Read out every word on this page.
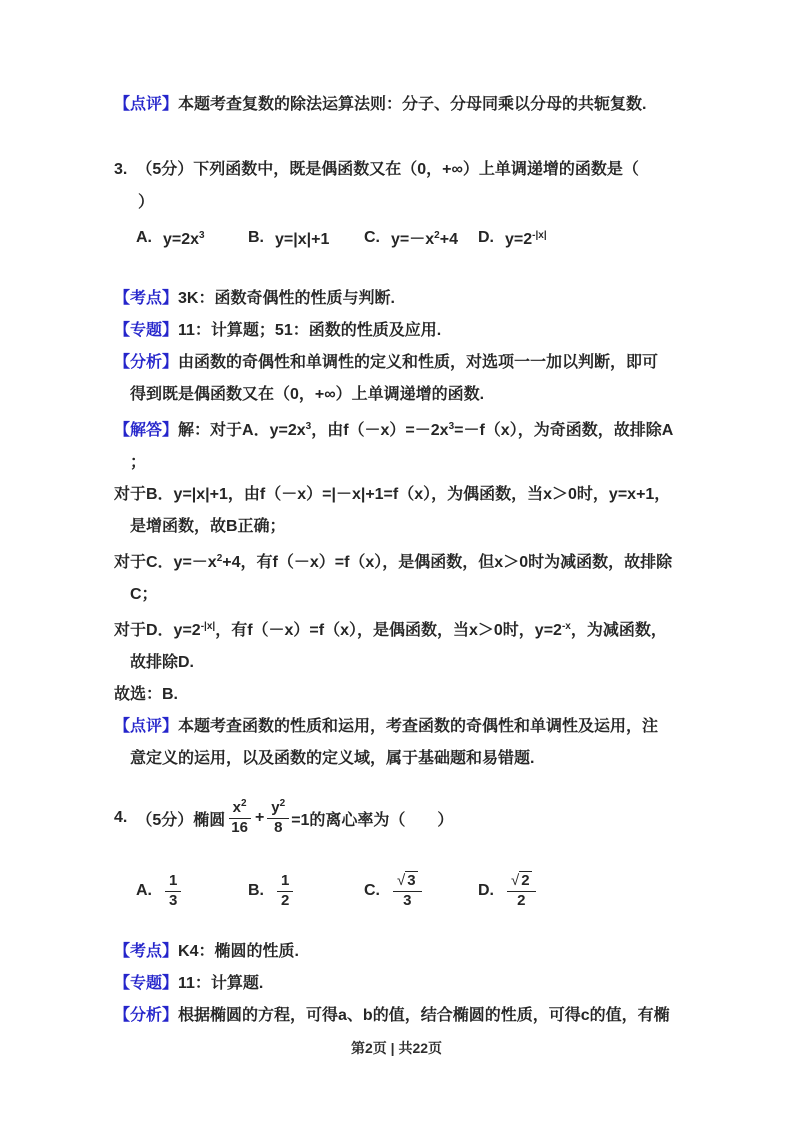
【点评】本题考查复数的除法运算法则：分子、分母同乘以分母的共轭复数.
3. （5分）下列函数中，既是偶函数又在（0，+∞）上单调递增的函数是（
）
A. $y=2x^3$	B. y=|x|+1 C. $y=-x^2+4$ D. $y=2^{-|x|}$
【考点】3K：函数奇偶性的性质与判断.
【专题】11：计算题；51：函数的性质及应用.
【分析】由函数的奇偶性和单调性的定义和性质，对选项一一加以判断，即可
得到既是偶函数又在（0，+∞）上单调递增的函数.
【解答】解：对于A．$y=2x^3$，由$f(-x)=-2x^3=-f(x)$，为奇函数，故排除A
；
对于B．y=|x|+1，由f（－x）=|－x|+1=f（x），为偶函数，当x＞0时，y=x+1，
是增函数，故B正确；
对于C．$y=-x^2+4$，有f（－x）=f（x），是偶函数，但x＞0时为减函数，故排除
C；
对于D．$y=2^{-|x|}$，有f（－x）=f（x），是偶函数，当x＞0时，$y=2^{-x}$，为减函数，
故排除D.
故选：B.
【点评】本题考查函数的性质和运用，考查函数的奇偶性和单调性及运用，注
意定义的运用，以及函数的定义域，属于基础题和易错题.
4. （5分）椭圆 $\frac{x^2}{16} + \frac{y^2}{8} =1$的离心率为（　　）
A. $\frac{1}{3}$	B. $\frac{1}{2}$	C. $\frac{√ 3}{3}$	D. $\frac{√ 2}{2}$
【考点】K4：椭圆的性质.
【专题】11：计算题.
【分析】根据椭圆的方程，可得a、b的值，结合椭圆的性质，可得c的值，有椭
第2页 | 共22页
